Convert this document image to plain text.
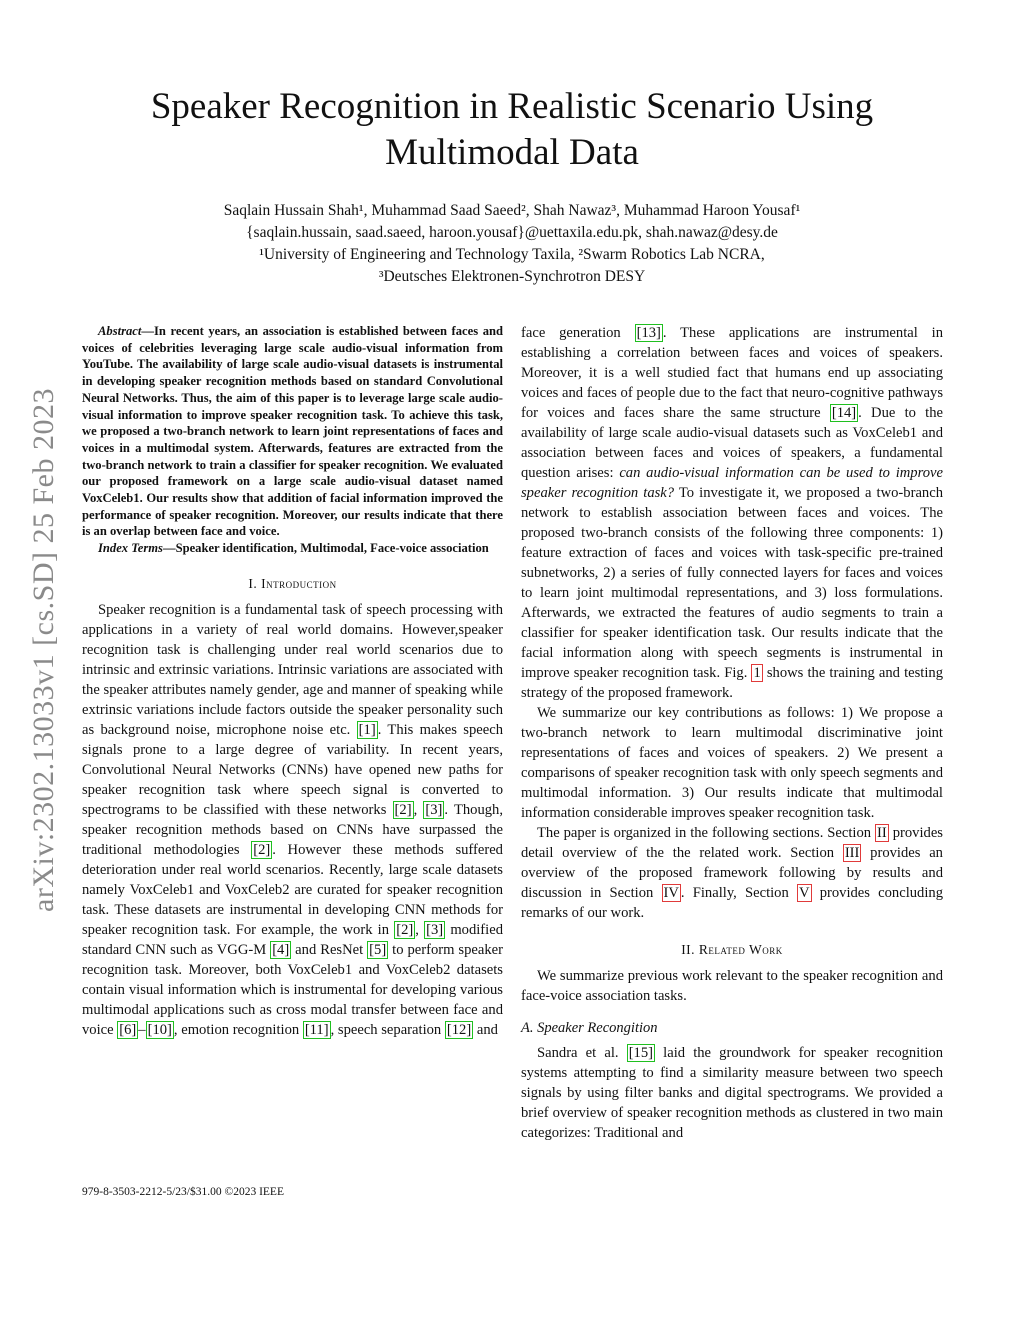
Speaker Recognition in Realistic Scenario Using
Multimodal Data
Saqlain Hussain Shah¹, Muhammad Saad Saeed², Shah Nawaz³, Muhammad Haroon Yousaf¹
{saqlain.hussain, saad.saeed, haroon.yousaf}@uettaxila.edu.pk, shah.nawaz@desy.de
¹University of Engineering and Technology Taxila, ²Swarm Robotics Lab NCRA,
³Deutsches Elektronen-Synchrotron DESY
arXiv:2302.13033v1 [cs.SD] 25 Feb 2023

Abstract—In recent years, an association is established between faces and voices of celebrities leveraging large scale audio-visual information from YouTube. The availability of large scale audio-visual datasets is instrumental in developing speaker recognition methods based on standard Convolutional Neural Networks. Thus, the aim of this paper is to leverage large scale audio-visual information to improve speaker recognition task. To achieve this task, we proposed a two-branch network to learn joint representations of faces and voices in a multimodal system. Afterwards, features are extracted from the two-branch network to train a classifier for speaker recognition. We evaluated our proposed framework on a large scale audio-visual dataset named VoxCeleb1. Our results show that addition of facial information improved the performance of speaker recognition. Moreover, our results indicate that there is an overlap between face and voice.

Index Terms—Speaker identification, Multimodal, Face-voice association

I. Introduction

Speaker recognition is a fundamental task of speech processing with applications in a variety of real world domains. However,speaker recognition task is challenging under real world scenarios due to intrinsic and extrinsic variations. Intrinsic variations are associated with the speaker attributes namely gender, age and manner of speaking while extrinsic variations include factors outside the speaker personality such as background noise, microphone noise etc. [1] . This makes speech signals prone to a large degree of variability. In recent years, Convolutional Neural Networks (CNNs) have opened new paths for speaker recognition task where speech signal is converted to spectrograms to be classified with these networks [2] , [3] . Though, speaker recognition methods based on CNNs have surpassed the traditional methodologies [2] . However these methods suffered deterioration under real world scenarios. Recently, large scale datasets namely VoxCeleb1 and VoxCeleb2 are curated for speaker recognition task. These datasets are instrumental in developing CNN methods for speaker recognition task. For example, the work in [2] , [3] modified standard CNN such as VGG-M [4] and ResNet [5] to perform speaker recognition task. Moreover, both VoxCeleb1 and VoxCeleb2 datasets contain visual information which is instrumental for developing various multimodal applications such as cross modal transfer between face and voice [6] – [10] , emotion recognition [11] , speech separation [12] and

face generation [13] . These applications are instrumental in establishing a correlation between faces and voices of speakers. Moreover, it is a well studied fact that humans end up associating voices and faces of people due to the fact that neuro-cognitive pathways for voices and faces share the same structure [14] . Due to the availability of large scale audio-visual datasets such as VoxCeleb1 and association between faces and voices of speakers, a fundamental question arises: can audio-visual information can be used to improve speaker recognition task? To investigate it, we proposed a two-branch network to establish association between faces and voices. The proposed two-branch consists of the following three components: 1) feature extraction of faces and voices with task-specific pre-trained subnetworks, 2) a series of fully connected layers for faces and voices to learn joint multimodal representations, and 3) loss formulations. Afterwards, we extracted the features of audio segments to train a classifier for speaker identification task. Our results indicate that the facial information along with speech segments is instrumental in improve speaker recognition task. Fig. 1 shows the training and testing strategy of the proposed framework.

We summarize our key contributions as follows: 1) We propose a two-branch network to learn multimodal discriminative joint representations of faces and voices of speakers. 2) We present a comparisons of speaker recognition task with only speech segments and multimodal information. 3) Our results indicate that multimodal information considerable improves speaker recognition task.

The paper is organized in the following sections. Section II provides detail overview of the the related work. Section III provides an overview of the proposed framework following by results and discussion in Section IV . Finally, Section V provides concluding remarks of our work.

II. Related Work

We summarize previous work relevant to the speaker recognition and face-voice association tasks.

A. Speaker Recongition

Sandra et al. [15] laid the groundwork for speaker recognition systems attempting to find a similarity measure between two speech signals by using filter banks and digital spectrograms. We provided a brief overview of speaker recognition methods as clustered in two main categorizes: Traditional and

979-8-3503-2212-5/23/$31.00 ©2023 IEEE
